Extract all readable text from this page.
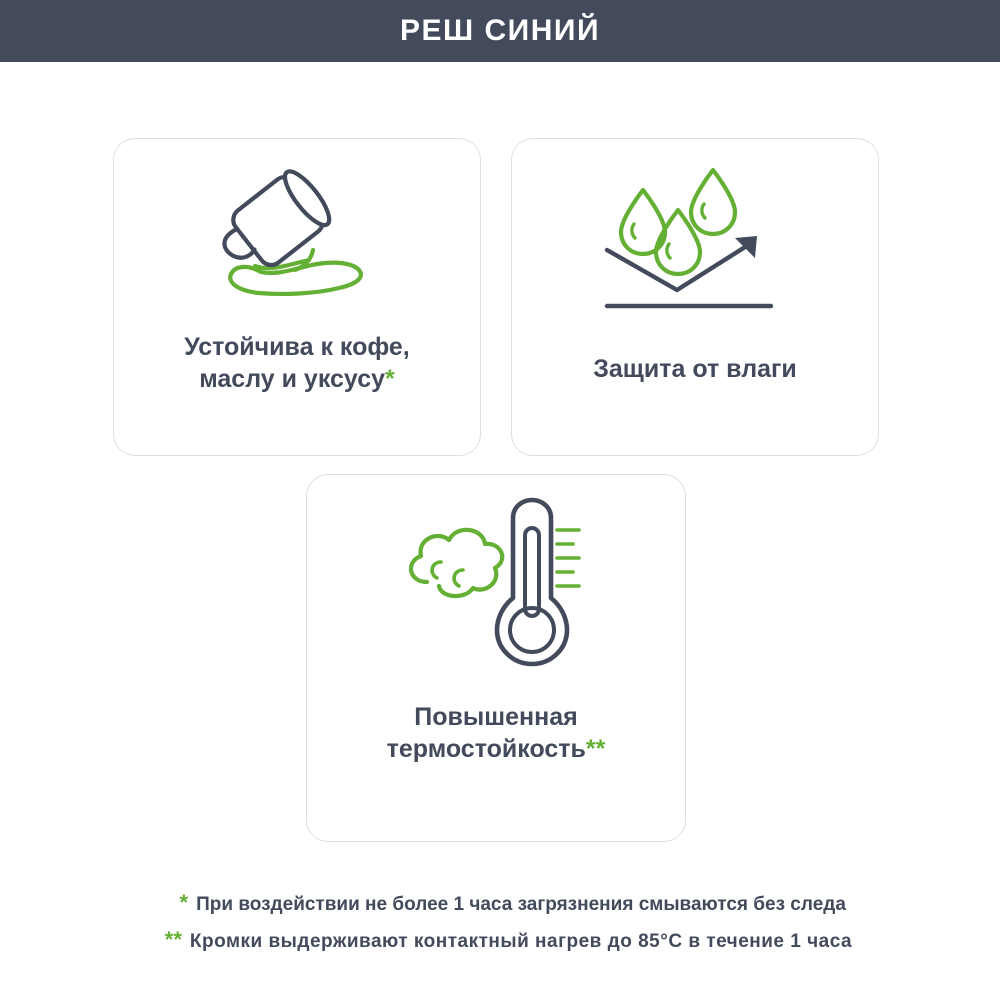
РЕШ СИНИЙ
Устойчива к кофе,
маслу и уксусу*	Защита от влаги
Повышенная
термостойкость**
* При воздействии не более 1 часа загрязнения смываются без следа
** Кромки выдерживают контактный нагрев до 85°C в течение 1 часа
